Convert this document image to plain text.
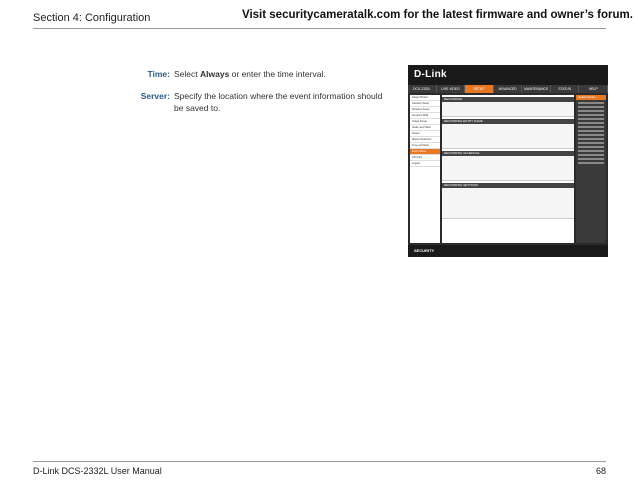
Section 4: Configuration	Visit securitycameratalk.com for the latest firmware and owner’s forum.
Time: Select Always or enter the time interval.
Server: Specify the location where the event information should be saved to.
D-Link
DCS-2332L	LIVE VIDEO	SETUP	ADVANCED	MAINTENANCE	STATUS	HELP
Setup Wizard
Network Setup
Wireless Setup
Dynamic DNS
Image Setup
Audio and Video
Preset
Motion Detection
Time and Date
Event Setup
SD Card
Logout
RECORDING
RECORDING ENTRY NAME
RECORDING SCHEDULE
RECORDING SETTINGS
Helpful Hints..
SECURITY
D-Link DCS-2332L User Manual	68
